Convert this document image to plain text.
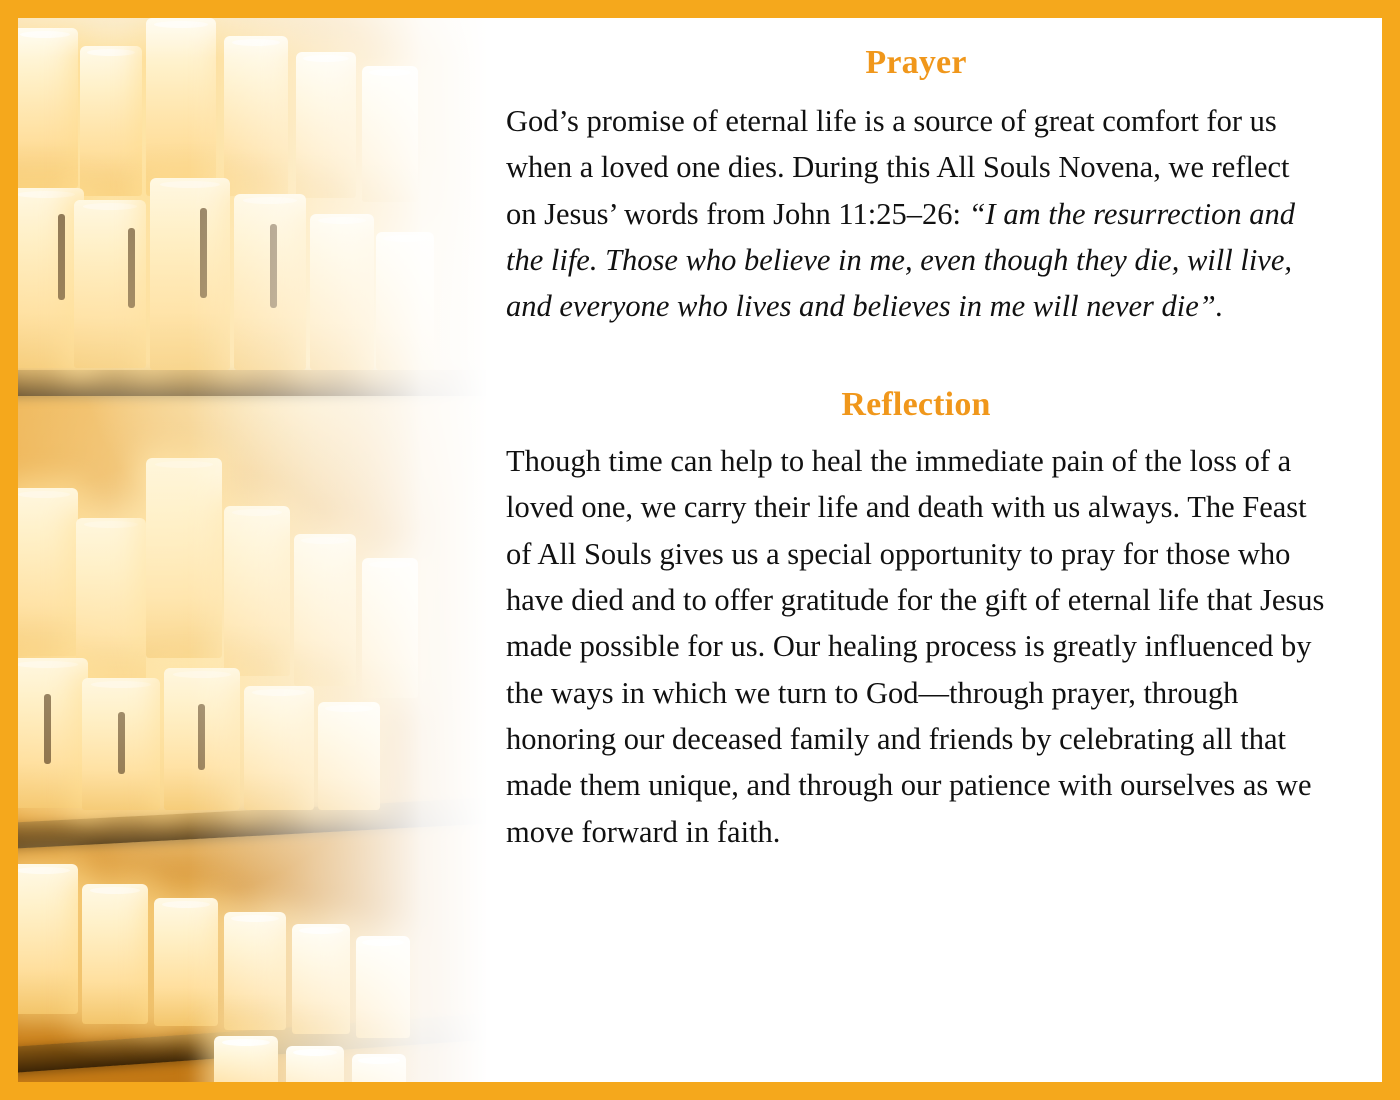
Prayer

God’s promise of eternal life is a source of great comfort for us when a loved one dies. During this All Souls Novena, we reflect on Jesus’ words from John 11:25–26: “I am the resurrection and the life. Those who believe in me, even though they die, will live, and everyone who lives and believes in me will never die”.

Reflection

Though time can help to heal the immediate pain of the loss of a loved one, we carry their life and death with us always. The Feast of All Souls gives us a special opportunity to pray for those who have died and to offer gratitude for the gift of eternal life that Jesus made possible for us. Our healing process is greatly influenced by the ways in which we turn to God—through prayer, through honoring our deceased family and friends by celebrating all that made them unique, and through our patience with ourselves as we move forward in faith.
